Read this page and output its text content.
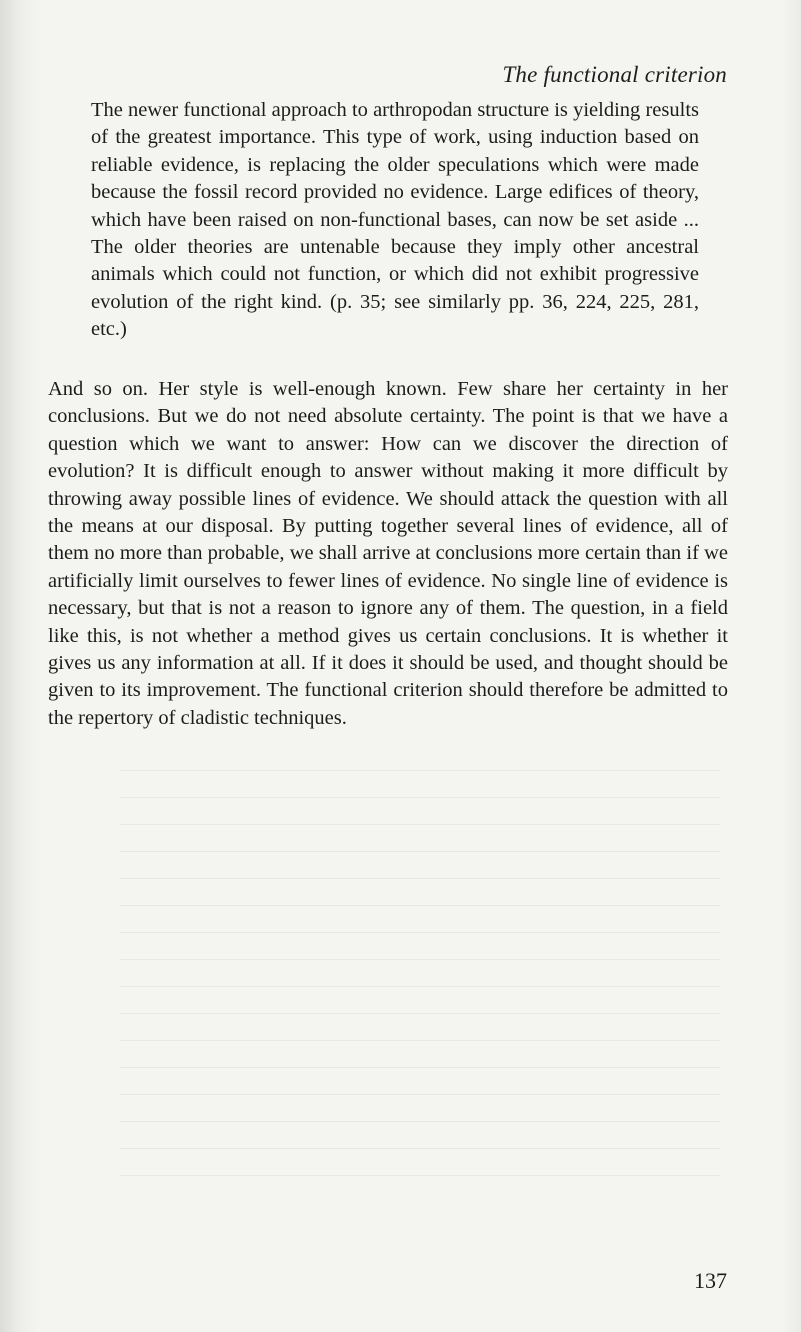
The functional criterion

The newer functional approach to arthropodan structure is yielding results of the greatest importance. This type of work, using induction based on reliable evidence, is replacing the older speculations which were made because the fossil record provided no evidence. Large edifices of theory, which have been raised on non-functional bases, can now be set aside ... The older theories are untenable because they imply other ancestral animals which could not function, or which did not exhibit progressive evolution of the right kind. (p. 35; see similarly pp. 36, 224, 225, 281, etc.)

And so on. Her style is well-enough known. Few share her certainty in her conclusions. But we do not need absolute certainty. The point is that we have a question which we want to answer: How can we discover the direction of evolution? It is difficult enough to answer without making it more difficult by throwing away possible lines of evidence. We should attack the question with all the means at our disposal. By putting together several lines of evidence, all of them no more than probable, we shall arrive at conclusions more certain than if we artificially limit ourselves to fewer lines of evidence. No single line of evidence is necessary, but that is not a reason to ignore any of them. The question, in a field like this, is not whether a method gives us certain conclusions. It is whether it gives us any information at all. If it does it should be used, and thought should be given to its improvement. The functional criterion should therefore be admitted to the repertory of cladistic techniques.

137
